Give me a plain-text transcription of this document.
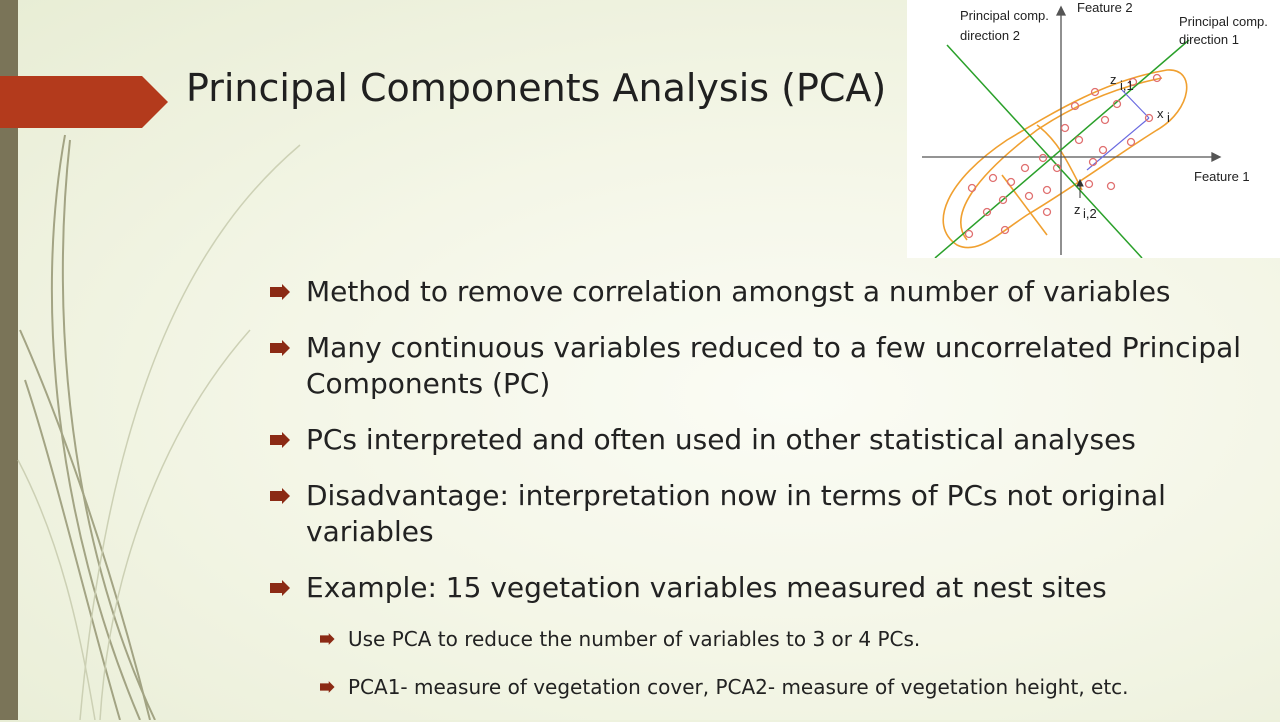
Principal Components Analysis (PCA)
Feature 2
Feature 1
Principal comp.
direction 2
Principal comp.
direction 1
z i,1
x i
z i,2
Method to remove correlation amongst a number of variables
Many continuous variables reduced to a few uncorrelated Principal Components (PC)
PCs interpreted and often used in other statistical analyses
Disadvantage: interpretation now in terms of PCs not original variables
Example: 15 vegetation variables measured at nest sites
Use PCA to reduce the number of variables to 3 or 4 PCs.
PCA1- measure of vegetation cover, PCA2- measure of vegetation height, etc.
